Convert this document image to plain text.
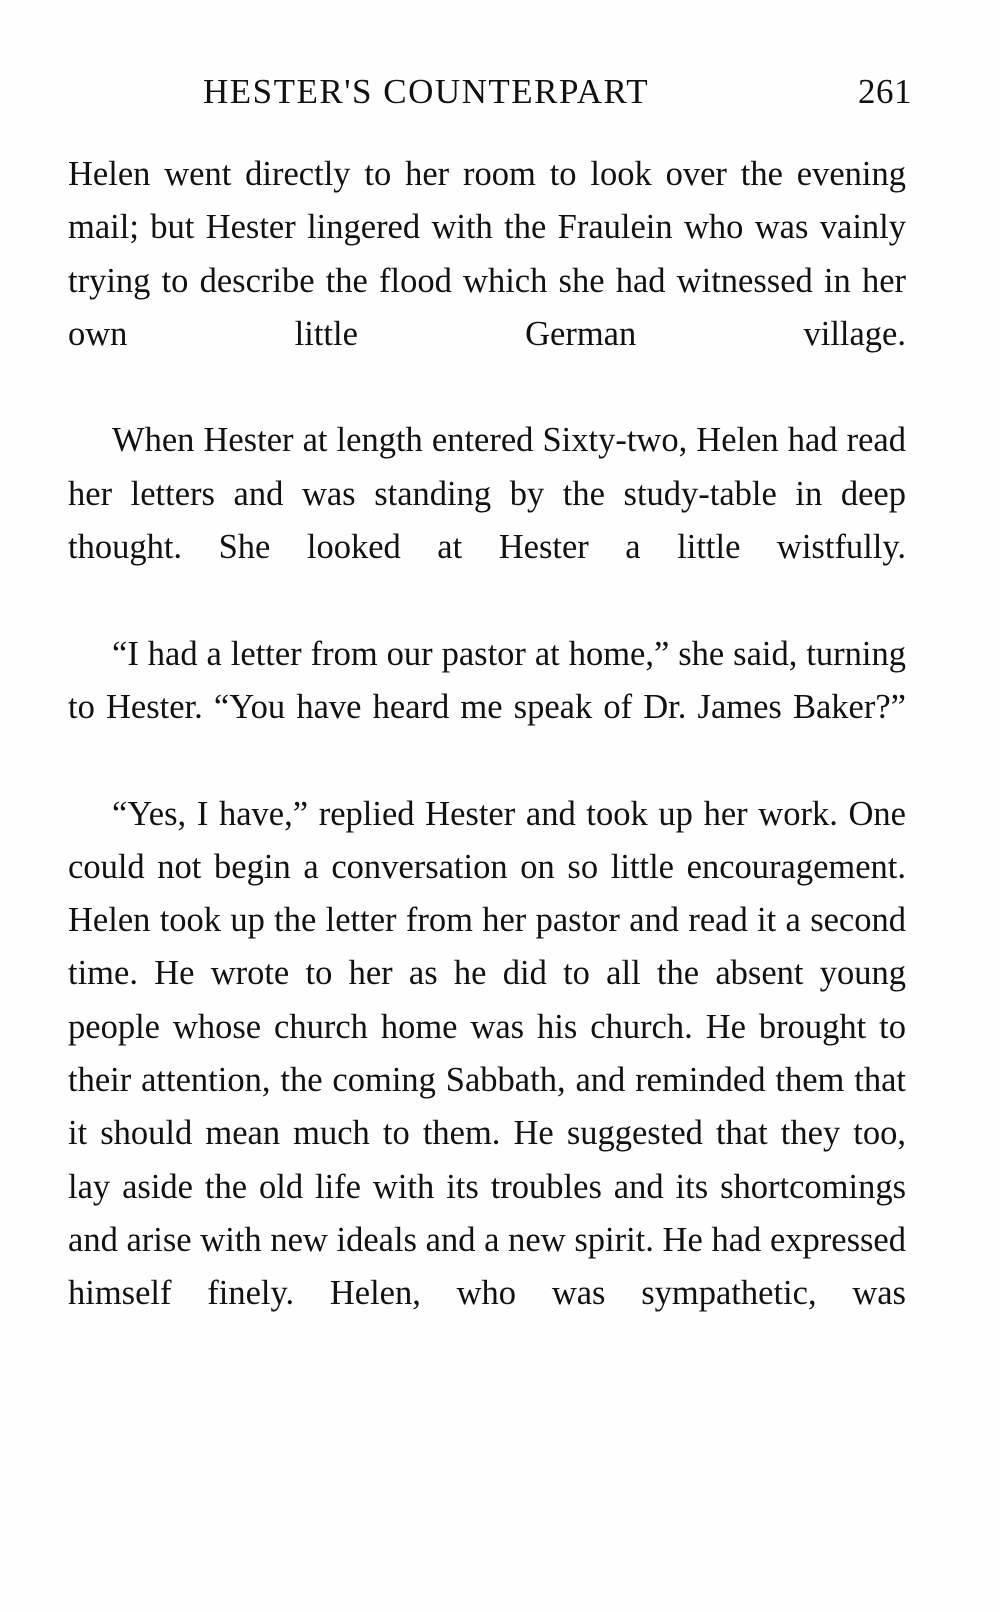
HESTER'S COUNTERPART	261

Helen went directly to her room to look over the evening mail; but Hester lingered with the Fraulein who was vainly trying to describe the flood which she had witnessed in her own little German village.

When Hester at length entered Sixty-two, Helen had read her letters and was standing by the study-table in deep thought. She looked at Hester a little wistfully.

“I had a letter from our pastor at home,” she said, turning to Hester. “You have heard me speak of Dr. James Baker?”

“Yes, I have,” replied Hester and took up her work. One could not begin a conversation on so little encouragement. Helen took up the letter from her pastor and read it a second time. He wrote to her as he did to all the absent young people whose church home was his church. He brought to their attention, the coming Sabbath, and reminded them that it should mean much to them. He suggested that they too, lay aside the old life with its troubles and its shortcomings and arise with new ideals and a new spirit. He had expressed himself finely. Helen, who was sympathetic, was
